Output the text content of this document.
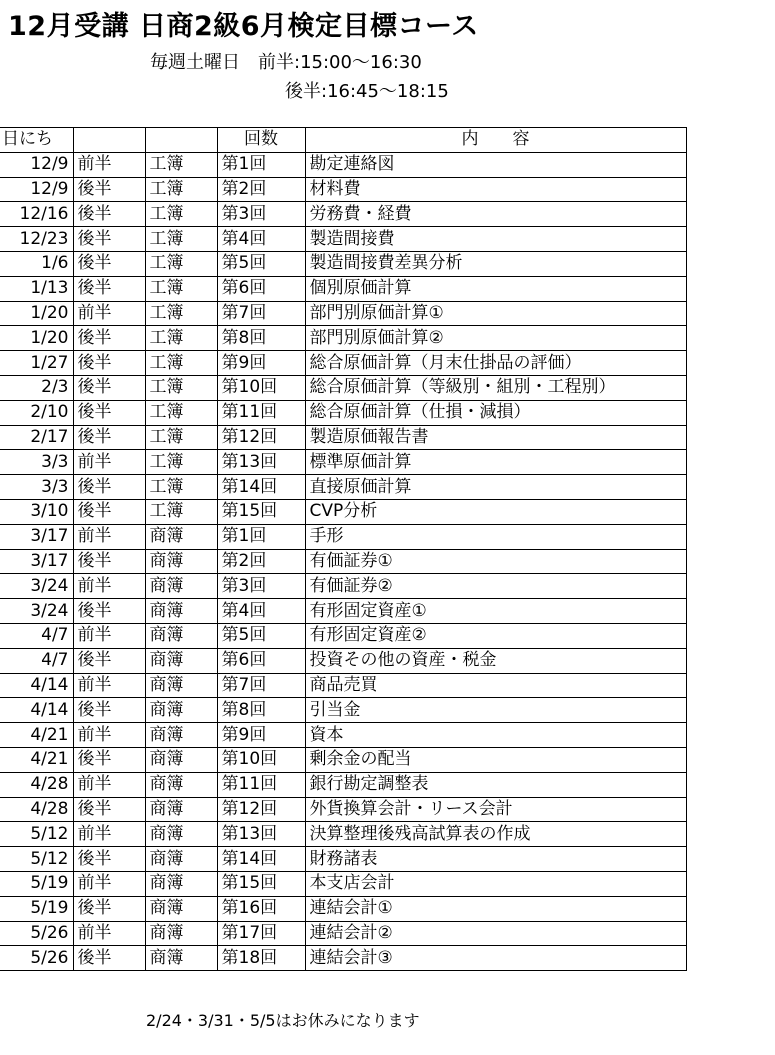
12月受講 日商2級6月検定目標コース
毎週土曜日　前半:15:00～16:30
後半:16:45～18:15
日にち			回数	内　　容
12/9	前半	工簿	第1回	勘定連絡図
12/9	後半	工簿	第2回	材料費
12/16	後半	工簿	第3回	労務費・経費
12/23	後半	工簿	第4回	製造間接費
1/6	後半	工簿	第5回	製造間接費差異分析
1/13	後半	工簿	第6回	個別原価計算
1/20	前半	工簿	第7回	部門別原価計算①
1/20	後半	工簿	第8回	部門別原価計算②
1/27	後半	工簿	第9回	総合原価計算（月末仕掛品の評価）
2/3	後半	工簿	第10回	総合原価計算（等級別・組別・工程別）
2/10	後半	工簿	第11回	総合原価計算（仕損・減損）
2/17	後半	工簿	第12回	製造原価報告書
3/3	前半	工簿	第13回	標準原価計算
3/3	後半	工簿	第14回	直接原価計算
3/10	後半	工簿	第15回	CVP分析
3/17	前半	商簿	第1回	手形
3/17	後半	商簿	第2回	有価証券①
3/24	前半	商簿	第3回	有価証券②
3/24	後半	商簿	第4回	有形固定資産①
4/7	前半	商簿	第5回	有形固定資産②
4/7	後半	商簿	第6回	投資その他の資産・税金
4/14	前半	商簿	第7回	商品売買
4/14	後半	商簿	第8回	引当金
4/21	前半	商簿	第9回	資本
4/21	後半	商簿	第10回	剰余金の配当
4/28	前半	商簿	第11回	銀行勘定調整表
4/28	後半	商簿	第12回	外貨換算会計・リース会計
5/12	前半	商簿	第13回	決算整理後残高試算表の作成
5/12	後半	商簿	第14回	財務諸表
5/19	前半	商簿	第15回	本支店会計
5/19	後半	商簿	第16回	連結会計①
5/26	前半	商簿	第17回	連結会計②
5/26	後半	商簿	第18回	連結会計③
2/24・3/31・5/5はお休みになります
